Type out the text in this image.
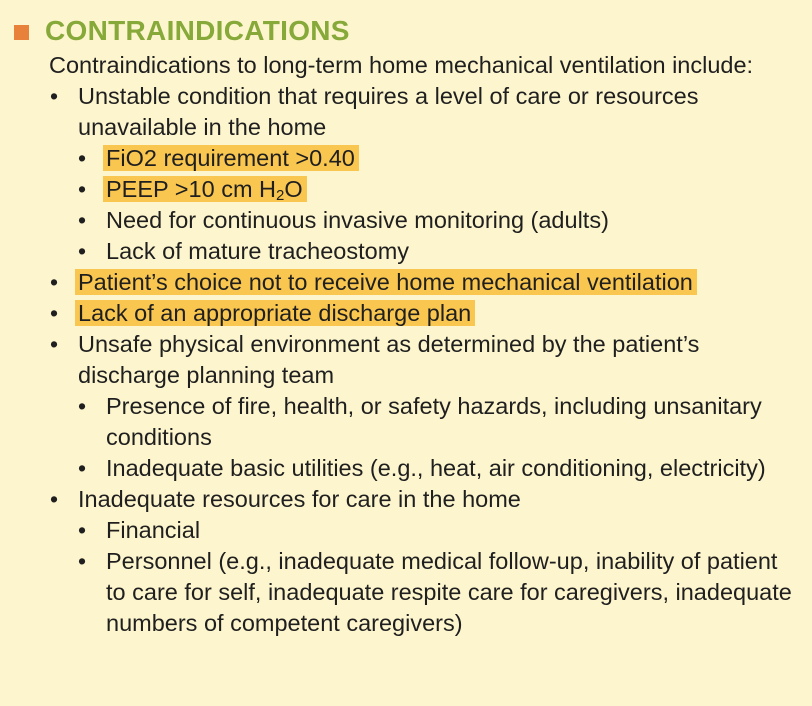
CONTRAINDICATIONS
Contraindications to long-term home mechanical ventilation include:
• Unstable condition that requires a level of care or resources unavailable in the home
• FiO2 requirement >0.40
• PEEP >10 cm $H_2O$
• Need for continuous invasive monitoring (adults)
• Lack of mature tracheostomy
• Patient’s choice not to receive home mechanical ventilation
• Lack of an appropriate discharge plan
• Unsafe physical environment as determined by the patient’s discharge planning team
• Presence of fire, health, or safety hazards, including unsanitary conditions
• Inadequate basic utilities (e.g., heat, air conditioning, electricity)
• Inadequate resources for care in the home
• Financial
• Personnel (e.g., inadequate medical follow-up, inability of patient to care for self, inadequate respite care for caregivers, inadequate numbers of competent caregivers)
